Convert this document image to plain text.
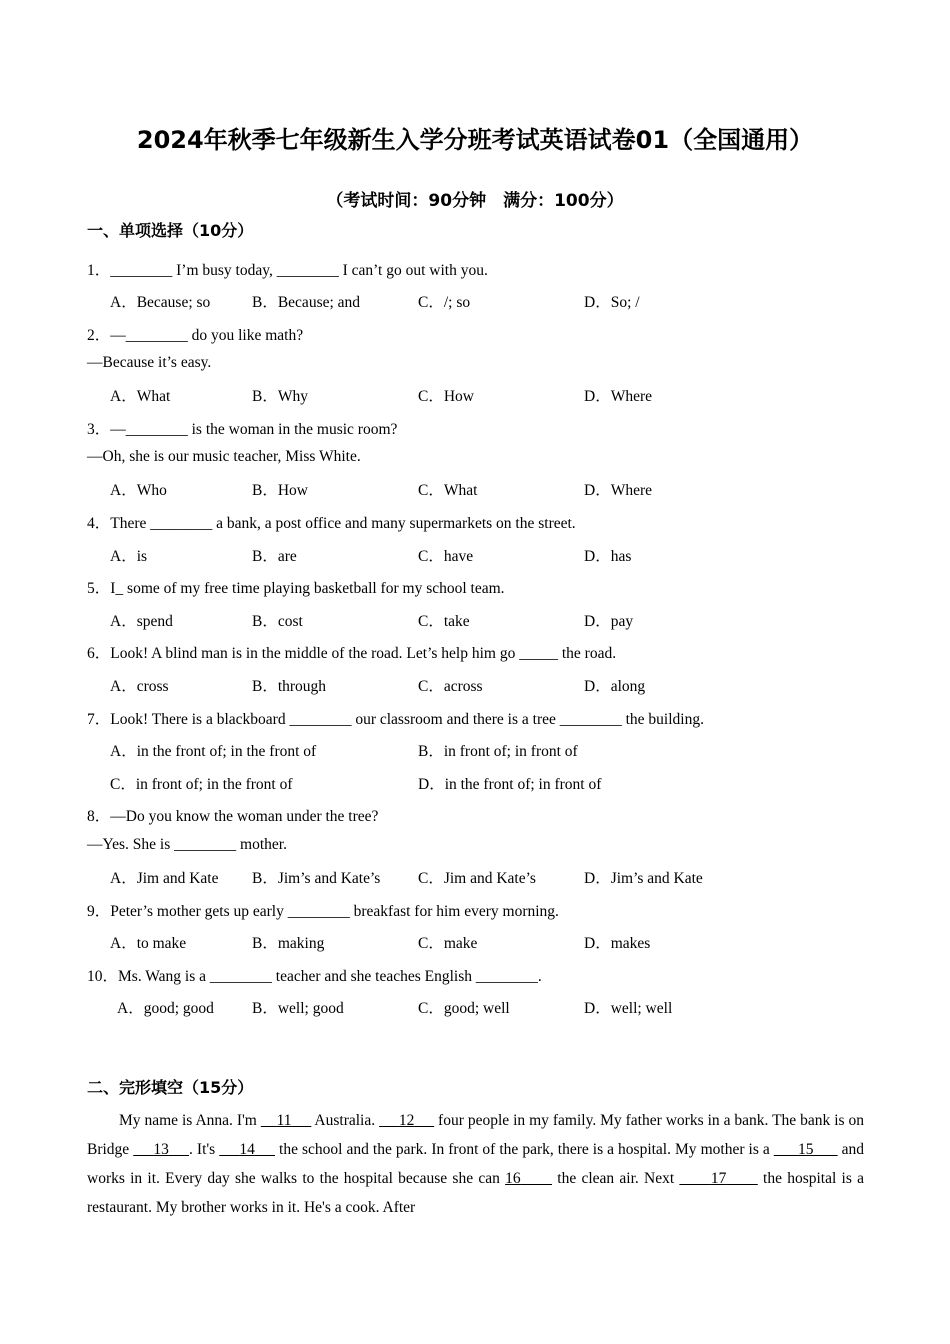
2024年秋季七年级新生入学分班考试英语试卷01（全国通用）
（考试时间：90分钟　满分：100分）
一、单项选择（10分）
1．________ I’m busy today, ________ I can’t go out with you.
A．Because; so	B．Because; and	C．/; so	D．So; /
2．—________ do you like math?
—Because it’s easy.
A．What	B．Why	C．How	D．Where
3．—________ is the woman in the music room?
—Oh, she is our music teacher, Miss White.
A．Who	B．How	C．What	D．Where
4．There ________ a bank, a post office and many supermarkets on the street.
A．is	B．are	C．have	D．has
5．I_ some of my free time playing basketball for my school team.
A．spend	B．cost	C．take	D．pay
6．Look! A blind man is in the middle of the road. Let’s help him go _____ the road.
A．cross	B．through	C．across	D．along
7．Look! There is a blackboard ________ our classroom and there is a tree ________ the building.
A．in the front of; in the front of	B．in front of; in front of
C．in front of; in the front of	D．in the front of; in front of
8．—Do you know the woman under the tree?
—Yes. She is ________ mother.
A．Jim and Kate B．Jim’s and Kate’s C．Jim and Kate’s	D．Jim’s and Kate
9．Peter’s mother gets up early ________ breakfast for him every morning.
A．to make	B．making	C．make	D．makes
10．Ms. Wang is a ________ teacher and she teaches English ________.
A．good; good B．well; good	C．good; well	D．well; well
二、完形填空（15分）
My name is Anna. I'm     11      Australia.      12      four people in my family. My father works in a bank. The bank is on Bridge      13 . It's      14      the school and the park. In front of the park, there is a hospital. My mother is a       15       and works in it. Every day she walks to the hospital because she can 16       the clean air. Next       17       the hospital is a restaurant. My brother works in it. He's a cook. After
